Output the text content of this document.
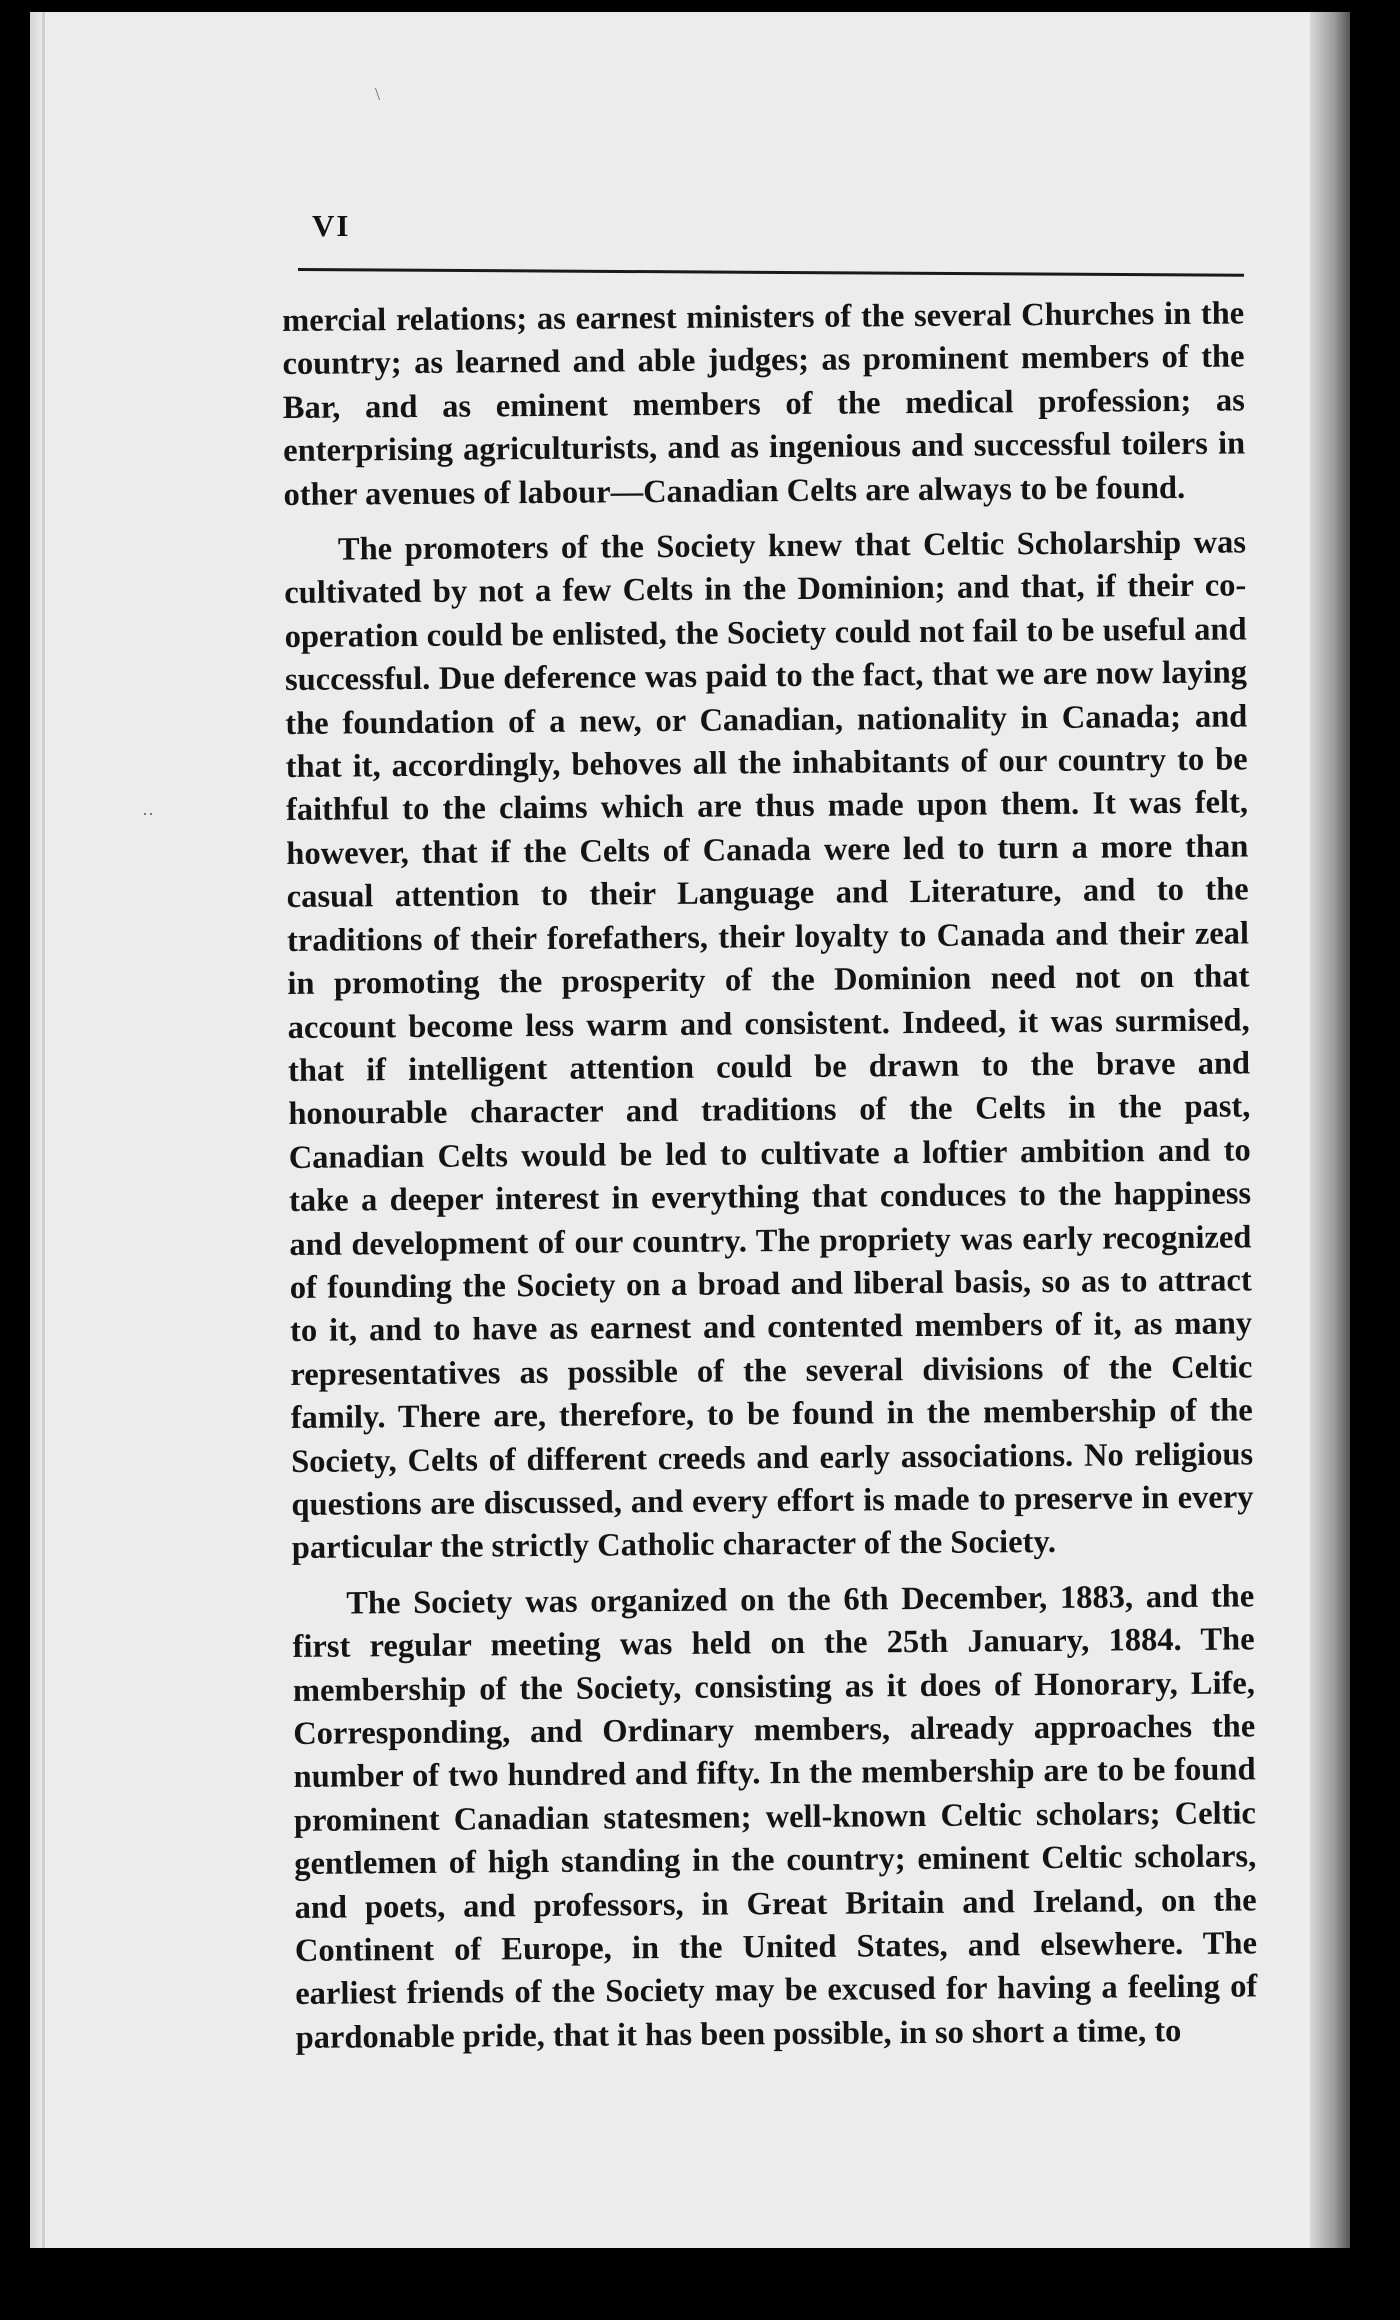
\
··
VI

mercial relations; as earnest ministers of the several Churches in the country; as learned and able judges; as prominent members of the Bar, and as eminent members of the medical profession; as enterprising agriculturists, and as ingenious and successful toilers in other avenues of labour—Canadian Celts are always to be found.

The promoters of the Society knew that Celtic Scholarship was cultivated by not a few Celts in the Dominion; and that, if their co-operation could be enlisted, the Society could not fail to be useful and successful. Due deference was paid to the fact, that we are now laying the foundation of a new, or Canadian, nationality in Canada; and that it, accordingly, behoves all the inhabitants of our country to be faithful to the claims which are thus made upon them. It was felt, however, that if the Celts of Canada were led to turn a more than casual attention to their Language and Literature, and to the traditions of their forefathers, their loyalty to Canada and their zeal in promoting the prosperity of the Dominion need not on that account become less warm and consistent. Indeed, it was surmised, that if intelligent attention could be drawn to the brave and honourable character and traditions of the Celts in the past, Canadian Celts would be led to cultivate a loftier ambition and to take a deeper interest in everything that conduces to the happiness and development of our country. The propriety was early recognized of founding the Society on a broad and liberal basis, so as to attract to it, and to have as earnest and contented members of it, as many representatives as possible of the several divisions of the Celtic family. There are, therefore, to be found in the membership of the Society, Celts of different creeds and early associations. No religious questions are discussed, and every effort is made to preserve in every particular the strictly Catholic character of the Society.

The Society was organized on the 6th December, 1883, and the first regular meeting was held on the 25th January, 1884. The membership of the Society, consisting as it does of Honorary, Life, Corresponding, and Ordinary members, already approaches the number of two hundred and fifty. In the membership are to be found prominent Canadian statesmen; well-known Celtic scholars; Celtic gentlemen of high standing in the country; eminent Celtic scholars, and poets, and professors, in Great Britain and Ireland, on the Continent of Europe, in the United States, and elsewhere. The earliest friends of the Society may be excused for having a feeling of pardonable pride, that it has been possible, in so short a time, to
